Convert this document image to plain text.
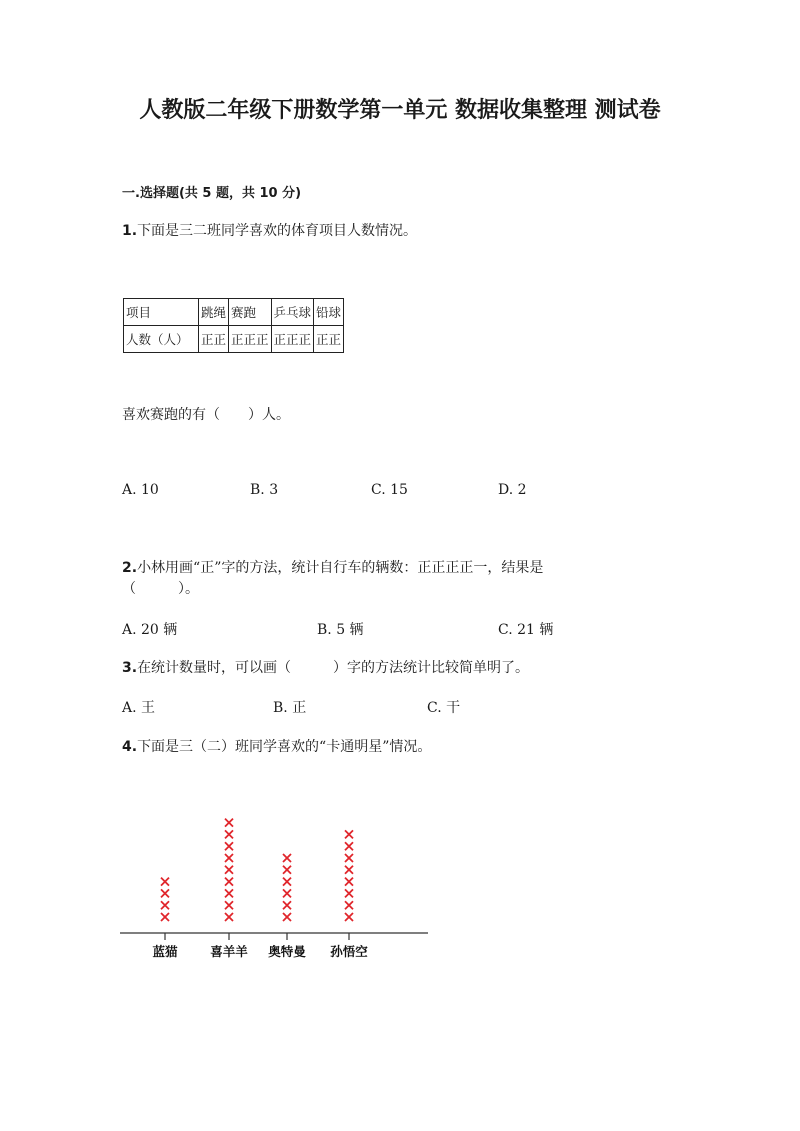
人教版二年级下册数学第一单元 数据收集整理 测试卷
一.选择题(共 5 题，共 10 分)
1.下面是三二班同学喜欢的体育项目人数情况。
项目	跳绳	赛跑	乒乓球	铅球
人数（人）	正正	正正正	正正正	正正
喜欢赛跑的有（　　）人。
A. 10	B. 3	C. 15	D. 2
2.小林用画“正”字的方法，统计自行车的辆数：正正正正一，结果是
（　　　）。
A. 20 辆	B. 5 辆	C. 21 辆
3.在统计数量时，可以画（　　　）字的方法统计比较简单明了。
A. 王	B. 正	C. 干
4.下面是三（二）班同学喜欢的“卡通明星”情况。
蓝猫	喜羊羊 奥特曼 孙悟空
